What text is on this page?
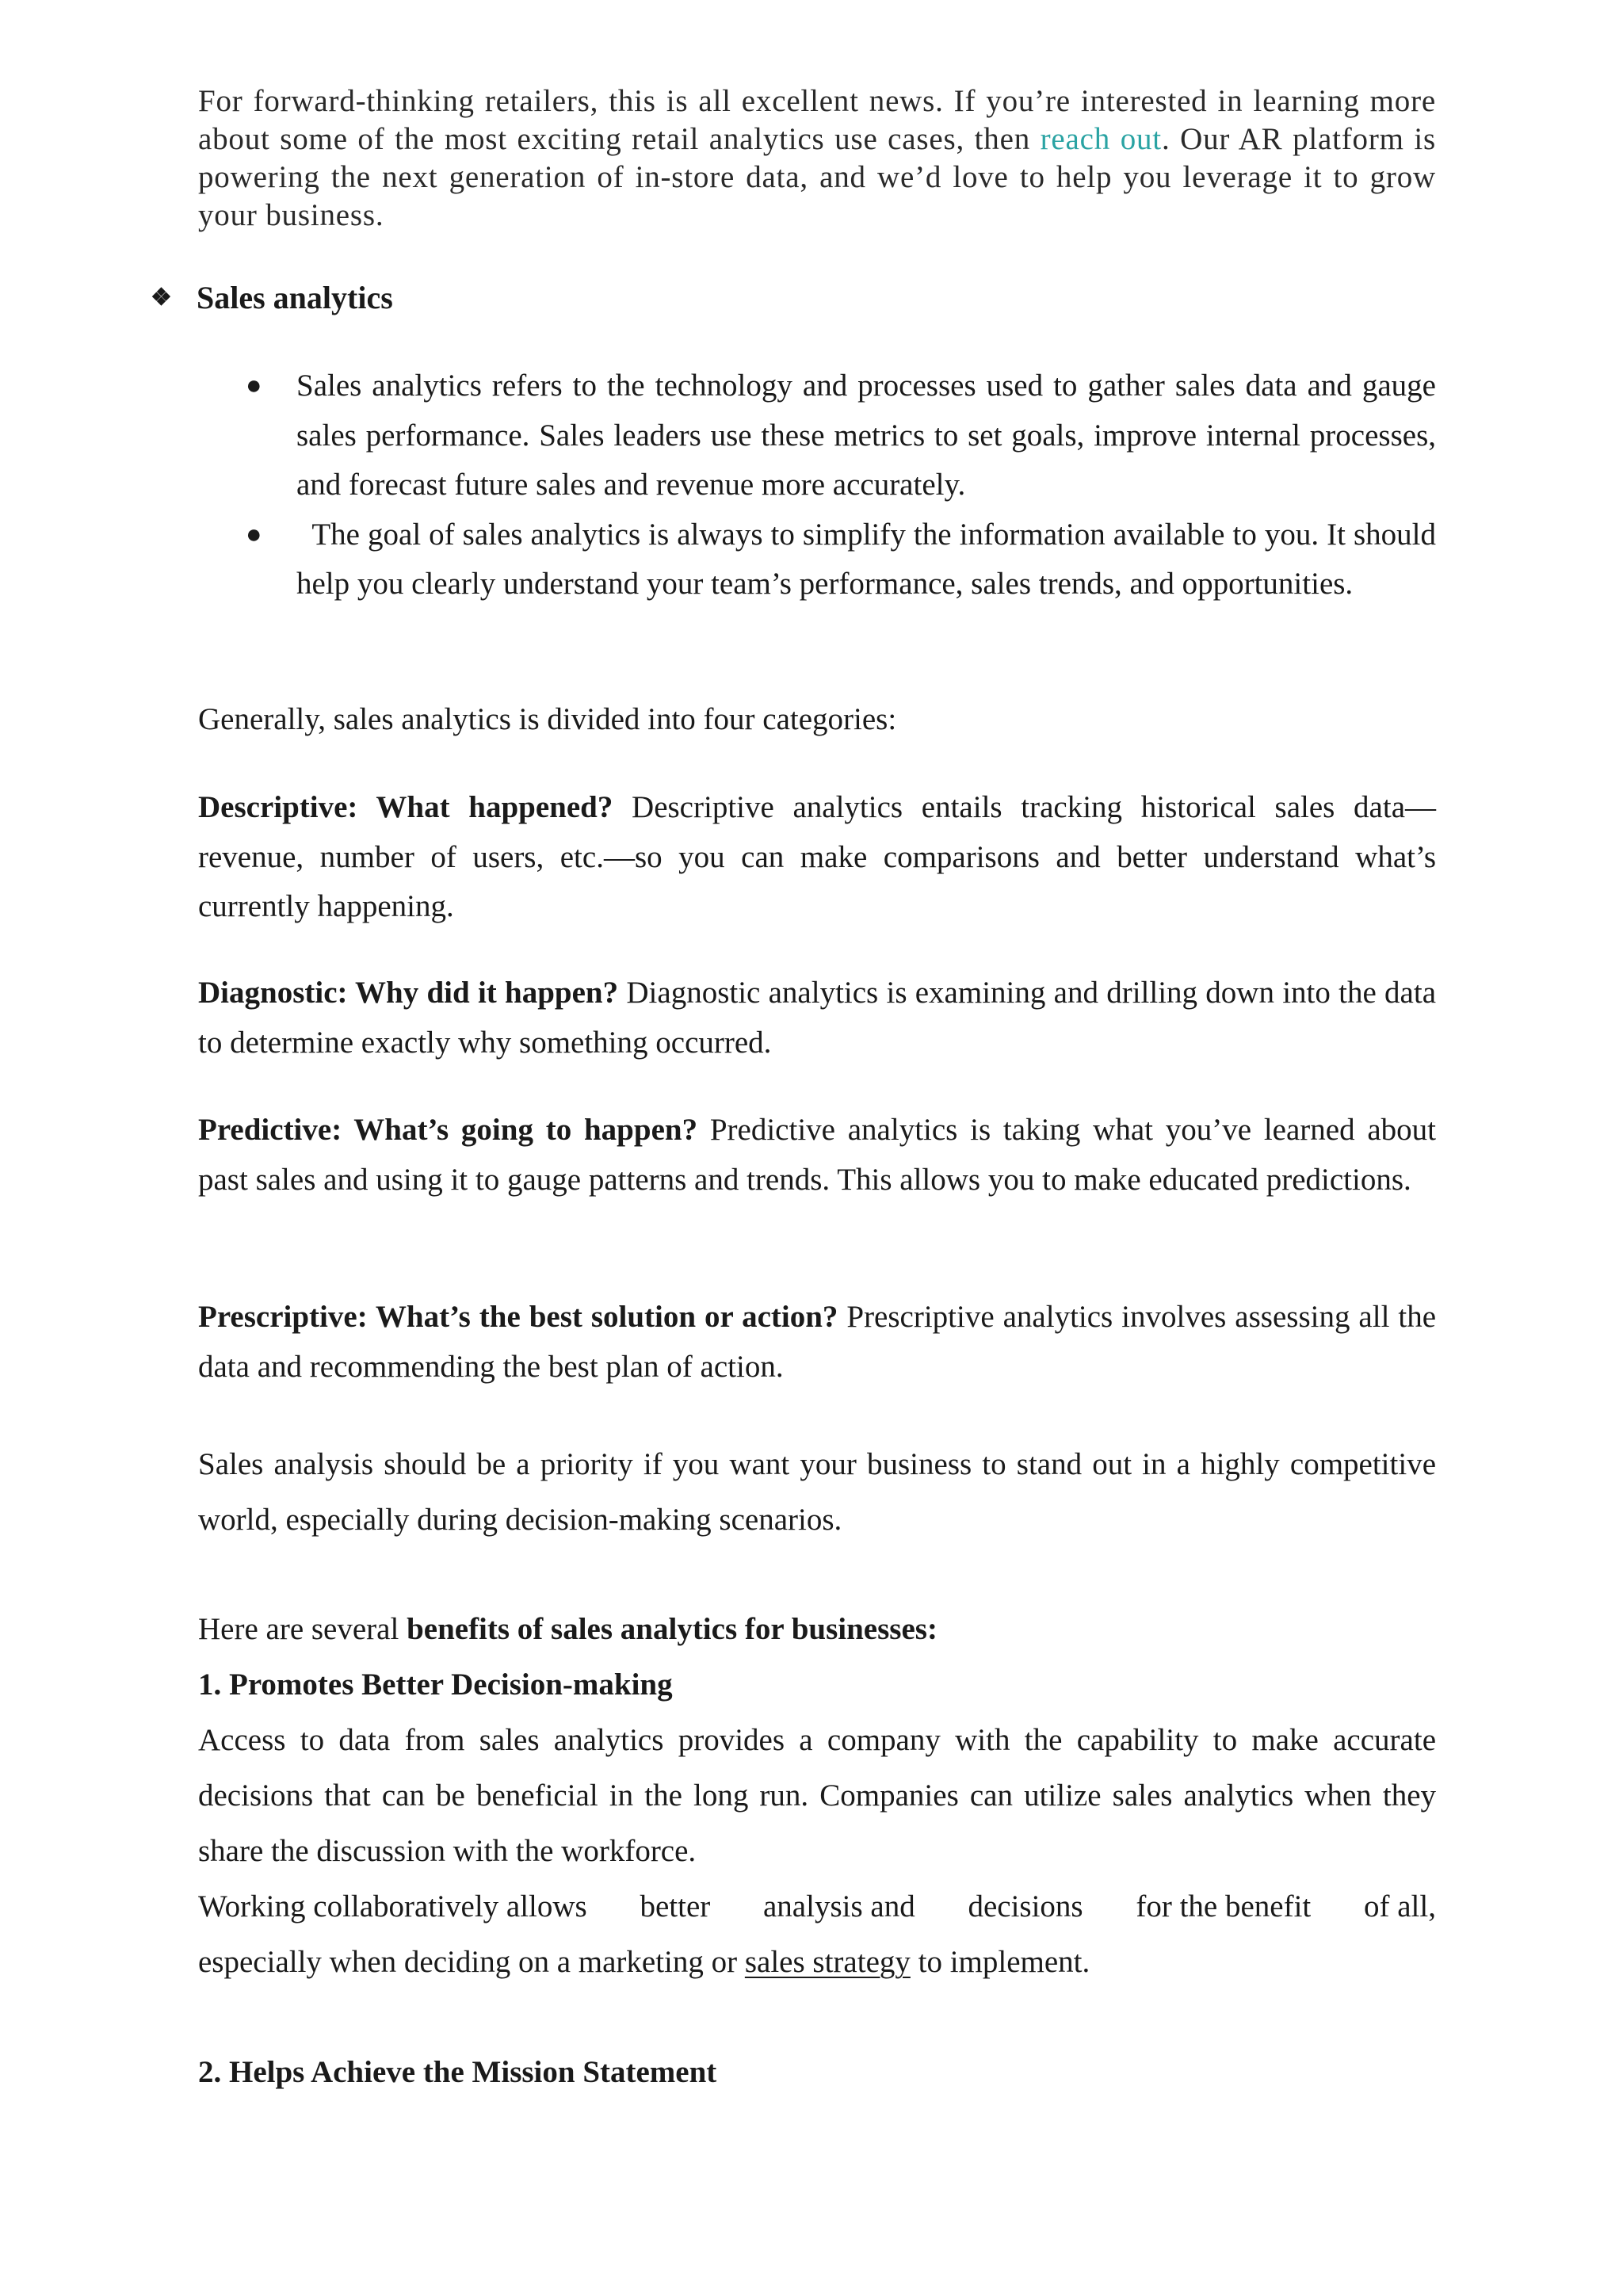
For forward-thinking retailers, this is all excellent news. If you’re interested in learning more about some of the most exciting retail analytics use cases, then reach out. Our AR platform is powering the next generation of in-store data, and we’d love to help you leverage it to grow your business.

❖ Sales analytics
● Sales analytics refers to the technology and processes used to gather sales data and gauge sales performance. Sales leaders use these metrics to set goals, improve internal processes, and forecast future sales and revenue more accurately.
● The goal of sales analytics is always to simplify the information available to you. It should help you clearly understand your team’s performance, sales trends, and opportunities.

Generally, sales analytics is divided into four categories:

Descriptive: What happened? Descriptive analytics entails tracking historical sales data—revenue, number of users, etc.—so you can make comparisons and better understand what’s currently happening.

Diagnostic: Why did it happen? Diagnostic analytics is examining and drilling down into the data to determine exactly why something occurred.

Predictive: What’s going to happen? Predictive analytics is taking what you’ve learned about past sales and using it to gauge patterns and trends. This allows you to make educated predictions.

Prescriptive: What’s the best solution or action? Prescriptive analytics involves assessing all the data and recommending the best plan of action.

Sales analysis should be a priority if you want your business to stand out in a highly competitive world, especially during decision-making scenarios.

Here are several benefits of sales analytics for businesses:

1. Promotes Better Decision-making

Access to data from sales analytics provides a company with the capability to make accurate decisions that can be beneficial in the long run. Companies can utilize sales analytics when they share the discussion with the workforce.

Working collaboratively allows better analysis and decisions for the benefit of all,

especially when deciding on a marketing or sales strategy to implement.

2. Helps Achieve the Mission Statement
